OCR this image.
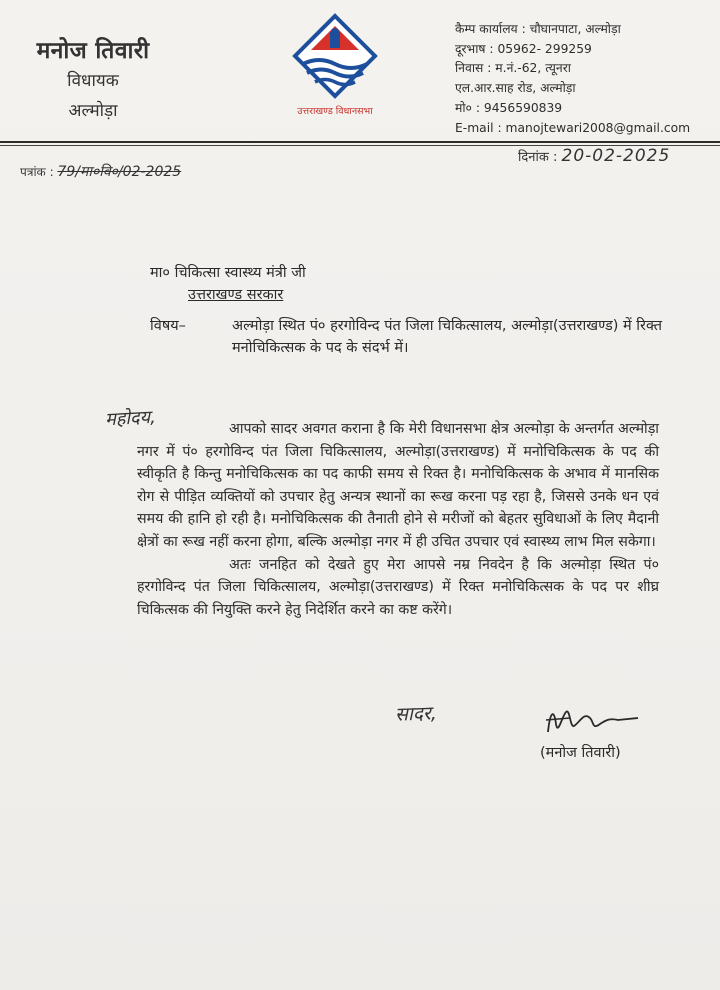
मनोज तिवारी
विधायक
अल्मोड़ा	उत्तराखण्ड विधानसभा
कैम्प कार्यालय : चौघानपाटा, अल्मोड़ा
दूरभाष : 05962- 299259
निवास : म.नं.-62, त्यूनरा
एल.आर.साह रोड, अल्मोड़ा
मो० : 9456590839
E-mail : manojtewari2008@gmail.com
पत्रांक : 79/मा०वि०/02-2025
दिनांक : 20-02-2025
मा० चिकित्सा स्वास्थ्य मंत्री जी
उत्तराखण्ड सरकार
विषय–	अल्मोड़ा स्थित पं० हरगोविन्द पंत जिला चिकित्सालय, अल्मोड़ा(उत्तराखण्ड) में रिक्त मनोचिकित्सक के पद के संदर्भ में।
महोदय,	आपको सादर अवगत कराना है कि मेरी विधानसभा क्षेत्र अल्मोड़ा के अन्तर्गत अल्मोड़ा नगर में पं० हरगोविन्द पंत जिला चिकित्सालय, अल्मोड़ा(उत्तराखण्ड) में मनोचिकित्सक के पद की स्वीकृति है किन्तु मनोचिकित्सक का पद काफी समय से रिक्त है। मनोचिकित्सक के अभाव में मानसिक रोग से पीड़ित व्यक्तियों को उपचार हेतु अन्यत्र स्थानों का रूख करना पड़ रहा है, जिससे उनके धन एवं समय की हानि हो रही है। मनोचिकित्सक की तैनाती होने से मरीजों को बेहतर सुविधाओं के लिए मैदानी क्षेत्रों का रूख नहीं करना होगा, बल्कि अल्मोड़ा नगर में ही उचित उपचार एवं स्वास्थ्य लाभ मिल सकेगा।

अतः जनहित को देखते हुए मेरा आपसे नम्र निवदेन है कि अल्मोड़ा स्थित पं० हरगोविन्द पंत जिला चिकित्सालय, अल्मोड़ा(उत्तराखण्ड) में रिक्त मनोचिकित्सक के पद पर शीघ्र चिकित्सक की नियुक्ति करने हेतु निदेर्शित करने का कष्ट करेंगे।

सादर,
(मनोज तिवारी)
